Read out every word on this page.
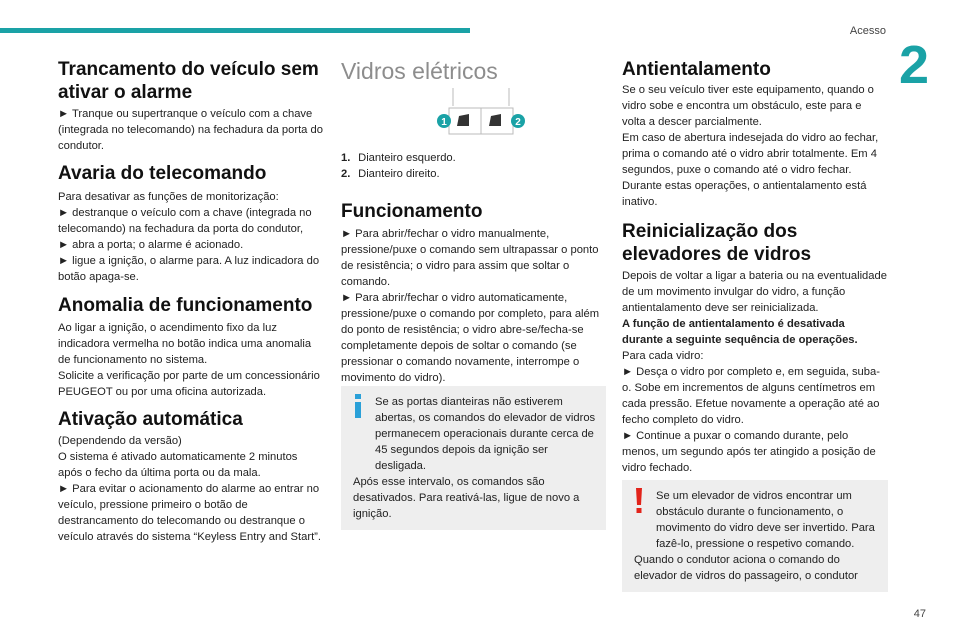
Acesso
2
Trancamento do veículo sem ativar o alarme

► Tranque ou supertranque o veículo com a chave (integrada no telecomando) na fechadura da porta do condutor.

Avaria do telecomando

Para desativar as funções de monitorização:

► destranque o veículo com a chave (integrada no telecomando) na fechadura da porta do condutor,

► abra a porta; o alarme é acionado.

► ligue a ignição, o alarme para. A luz indicadora do botão apaga-se.

Anomalia de funcionamento

Ao ligar a ignição, o acendimento fixo da luz indicadora vermelha no botão indica uma anomalia de funcionamento no sistema.

Solicite a verificação por parte de um concessionário PEUGEOT ou por uma oficina autorizada.

Ativação automática

(Dependendo da versão)

O sistema é ativado automaticamente 2 minutos após o fecho da última porta ou da mala.

► Para evitar o acionamento do alarme ao entrar no veículo, pressione primeiro o botão de destrancamento do telecomando ou destranque o veículo através do sistema “Keyless Entry and Start”.

Vidros elétricos
1	2
1. Dianteiro esquerdo.
2. Dianteiro direito.
Funcionamento

► Para abrir/fechar o vidro manualmente, pressione/puxe o comando sem ultrapassar o ponto de resistência; o vidro para assim que soltar o comando.

► Para abrir/fechar o vidro automaticamente, pressione/puxe o comando por completo, para além do ponto de resistência; o vidro abre-se/fecha-se completamente depois de soltar o comando (se pressionar o comando novamente, interrompe o movimento do vidro).

Se as portas dianteiras não estiverem abertas, os comandos do elevador de vidros permanecem operacionais durante cerca de 45 segundos depois da ignição ser desligada.

Após esse intervalo, os comandos são desativados. Para reativá-las, ligue de novo a ignição.

Antientalamento

Se o seu veículo tiver este equipamento, quando o vidro sobe e encontra um obstáculo, este para e volta a descer parcialmente.

Em caso de abertura indesejada do vidro ao fechar, prima o comando até o vidro abrir totalmente. Em 4 segundos, puxe o comando até o vidro fechar.

Durante estas operações, o antientalamento está inativo.

Reinicialização dos elevadores de vidros

Depois de voltar a ligar a bateria ou na eventualidade de um movimento invulgar do vidro, a função antientalamento deve ser reinicializada.

A função de antientalamento é desativada durante a seguinte sequência de operações.

Para cada vidro:

► Desça o vidro por completo e, em seguida, suba-o. Sobe em incrementos de alguns centímetros em cada pressão. Efetue novamente a operação até ao fecho completo do vidro.

► Continue a puxar o comando durante, pelo menos, um segundo após ter atingido a posição de vidro fechado.

Se um elevador de vidros encontrar um obstáculo durante o funcionamento, o movimento do vidro deve ser invertido. Para fazê-lo, pressione o respetivo comando.

Quando o condutor aciona o comando do elevador de vidros do passageiro, o condutor

47
